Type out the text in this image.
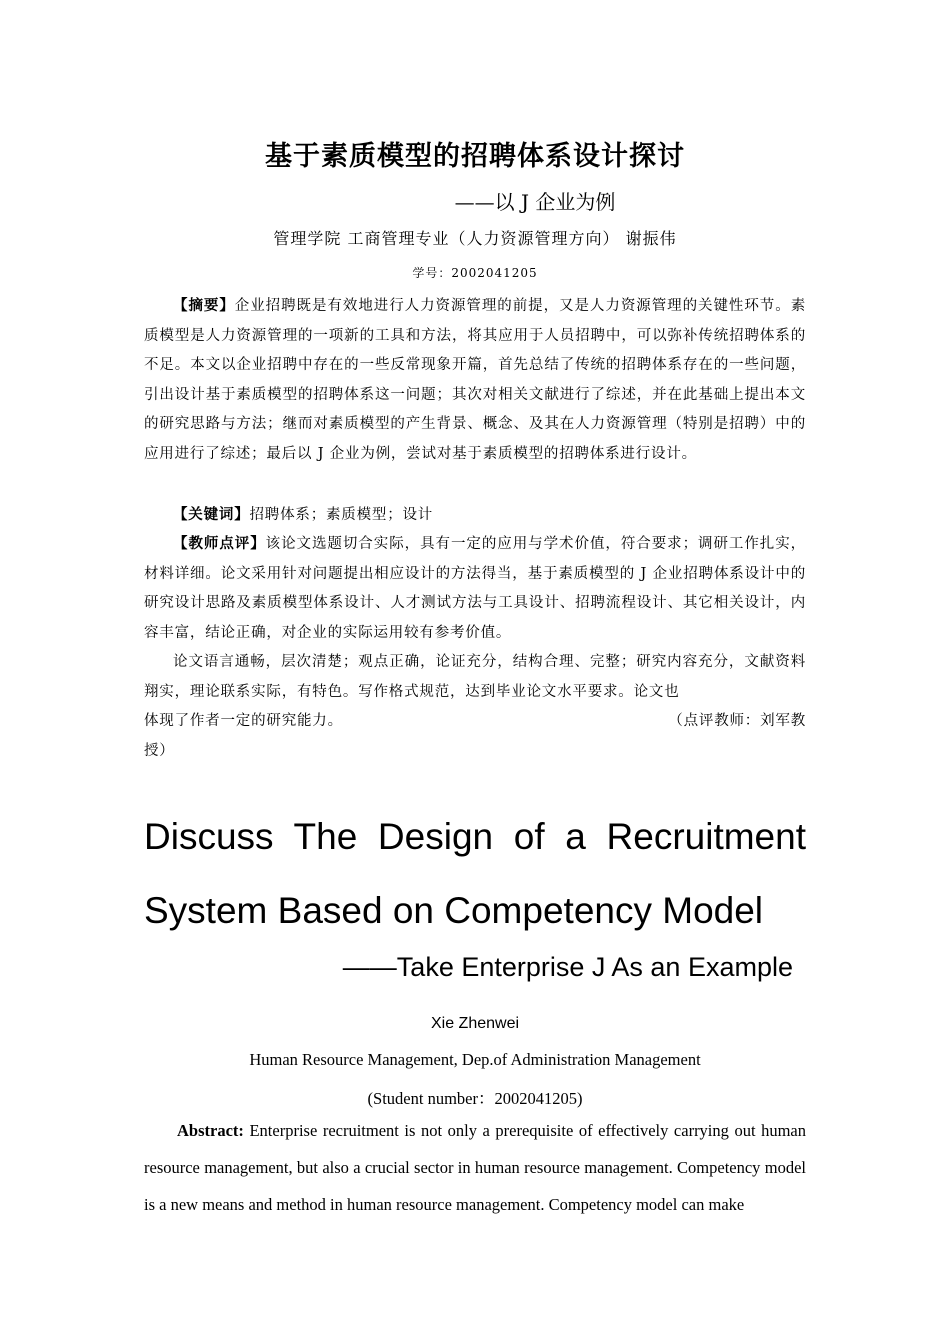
基于素质模型的招聘体系设计探讨
——以 J 企业为例
管理学院 工商管理专业（人力资源管理方向） 谢振伟
学号：2002041205
【摘要】企业招聘既是有效地进行人力资源管理的前提，又是人力资源管理的关键性环节。素质模型是人力资源管理的一项新的工具和方法，将其应用于人员招聘中，可以弥补传统招聘体系的不足。本文以企业招聘中存在的一些反常现象开篇，首先总结了传统的招聘体系存在的一些问题，引出设计基于素质模型的招聘体系这一问题；其次对相关文献进行了综述，并在此基础上提出本文的研究思路与方法；继而对素质模型的产生背景、概念、及其在人力资源管理（特别是招聘）中的应用进行了综述；最后以 J 企业为例，尝试对基于素质模型的招聘体系进行设计。
【关键词】招聘体系；素质模型；设计
【教师点评】该论文选题切合实际，具有一定的应用与学术价值，符合要求；调研工作扎实，材料详细。论文采用针对问题提出相应设计的方法得当，基于素质模型的 J 企业招聘体系设计中的研究设计思路及素质模型体系设计、人才测试方法与工具设计、招聘流程设计、其它相关设计，内容丰富，结论正确，对企业的实际运用较有参考价值。
论文语言通畅，层次清楚；观点正确，论证充分，结构合理、完整；研究内容充分，文献资料翔实，理论联系实际，有特色。写作格式规范，达到毕业论文水平要求。论文也
体现了作者一定的研究能力。	（点评教师：刘军教
授）
Discuss The Design of a Recruitment System Based on Competency Model
——Take Enterprise J As an Example
Xie Zhenwei
Human Resource Management, Dep.of Administration Management
(Student number：2002041205)
Abstract: Enterprise recruitment is not only a prerequisite of effectively carrying out human resource management, but also a crucial sector in human resource management. Competency model is a new means and method in human resource management. Competency model can make
